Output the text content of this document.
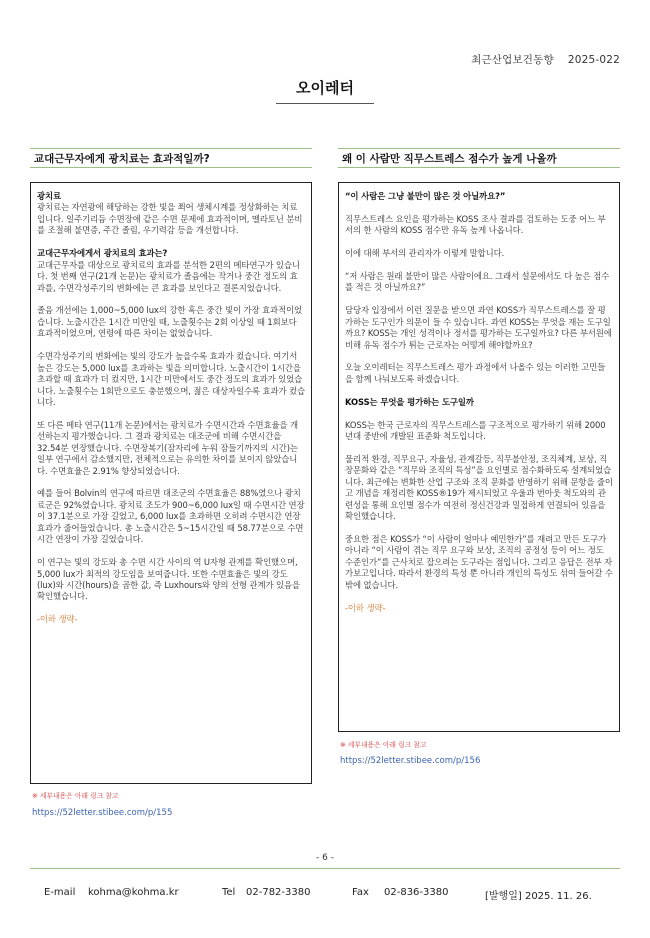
최근산업보건동향 2025-022
오이레터
교대근무자에게 광치료는 효과적일까?

광치료
광치료는 자연광에 해당하는 강한 빛을 쬐어 생체시계를 정상화하는 치료입니다. 일주기리듬 수면장애 같은 수면 문제에 효과적이며, 멜라토닌 분비를 조절해 불면증, 주간 졸림, 우기력감 등을 개선합니다.

교대근무자에게서 광치료의 효과는?
교대근무자를 대상으로 광치료의 효과를 분석한 2편의 메타연구가 있습니다. 첫 번째 연구(21개 논문)는 광치료가 졸음에는 작거나 중간 정도의 효과를, 수면각성주기의 변화에는 큰 효과를 보인다고 결론지었습니다.

졸음 개선에는 1,000~5,000 lux의 강한 혹은 중간 빛이 가장 효과적이었습니다. 노출시간은 1시간 미만일 때, 노출횟수는 2회 이상일 때 1회보다 효과적이었으며, 연령에 따른 차이는 없었습니다.

수면각성주기의 변화에는 빛의 강도가 높을수록 효과가 컸습니다. 여기서 높은 강도는 5,000 lux를 초과하는 빛을 의미합니다. 노출시간이 1시간을 초과할 때 효과가 더 컸지만, 1시간 미만에서도 중간 정도의 효과가 있었습니다. 노출횟수는 1회만으로도 충분했으며, 젊은 대상자일수록 효과가 컸습니다.

또 다른 메타 연구(11개 논문)에서는 광치료가 수면시간과 수면효율을 개선하는지 평가했습니다. 그 결과 광치료는 대조군에 비해 수면시간을 32.54분 연장했습니다. 수면장복기(잠자리에 누워 잠들기까지의 시간)는 일부 연구에서 감소했지만, 전체적으로는 유의한 차이를 보이지 않았습니다. 수면효율은 2.91% 향상되었습니다.

예를 들어 Bolvin의 연구에 따르면 대조군의 수면효율은 88%였으나 광치료군은 92%였습니다. 광치료 조도가 900~6,000 lux일 때 수면시간 연장이 37.1분으로 가장 길었고, 6,000 lux를 초과하면 오히려 수면시간 연장 효과가 줄어들었습니다. 총 노출시간은 5~15시간일 때 58.77분으로 수면시간 연장이 가장 길었습니다.

이 연구는 빛의 강도와 총 수면 시간 사이의 역 U자형 관계를 확인했으며, 5,000 lux가 최적의 강도임을 보여줍니다. 또한 수면효율은 빛의 강도(lux)와 시간(hours)을 곱한 값, 즉 Luxhours와 양의 선형 관계가 있음을 확인했습니다.

-이하 생략-
※ 세부내용은 아래 링크 참고
https://52letter.stibee.com/p/155
왜 이 사람만 직무스트레스 점수가 높게 나올까

“이 사람은 그냥 불만이 많은 것 아닐까요?”

직무스트레스 요인을 평가하는 KOSS 조사 결과를 검토하는 도중 어느 부서의 한 사람의 KOSS 점수만 유독 높게 나옵니다.

이에 대해 부서의 관리자가 이렇게 말합니다.

“저 사람은 원래 불만이 많은 사람이에요. 그래서 설문에서도 다 높은 점수를 적은 것 아닐까요?”

담당자 입장에서 이런 질문을 받으면 과연 KOSS가 직무스트레스를 잘 평가하는 도구인가 의문이 들 수 있습니다. 과연 KOSS는 무엇을 재는 도구일까요? KOSS는 개인 성격이나 정서를 평가하는 도구일까요? 다른 부서원에 비해 유독 점수가 튀는 근로자는 어떻게 해야할까요?

오늘 오이레터는 직무스트레스 평가 과정에서 나올수 있는 이러한 고민들을 함께 나눠보도록 하겠습니다.

KOSS는 무엇을 평가하는 도구일까

KOSS는 한국 근로자의 직무스트레스를 구조적으로 평가하기 위해 2000년대 중반에 개발된 표준화 척도입니다.

물리적 환경, 직무요구, 자율성, 관계갈등, 직무불안정, 조직체계, 보상, 직장문화와 같은 “직무와 조직의 특성”을 요인별로 점수화하도록 설계되었습니다. 최근에는 변화한 산업 구조와 조직 문화를 반영하기 위해 문항을 줄이고 개념을 재정리한 KOSS®19가 제시되었고 우울과 번아웃 척도와의 관련성을 통해 요인별 점수가 여전히 정신건강과 밀접하게 연결되어 있음을 확인했습니다.

중요한 점은 KOSS가 “이 사람이 얼마나 예민한가”를 재려고 만든 도구가 아니라 “이 사람이 겪는 직무 요구와 보상, 조직의 공정성 등이 어느 정도 수준인가”를 근사치로 잡으려는 도구라는 점입니다. 그리고 응답은 전부 자가보고입니다. 따라서 환경의 특성 뿐 아니라 개인의 특성도 섞여 들어갈 수밖에 없습니다.

-이하 생략-
※ 세부내용은 아래 링크 참고
https://52letter.stibee.com/p/156
- 6 -
E-mail kohma@kohma.kr	Tel 02-782-3380	Fax 02-836-3380	[발행일] 2025. 11. 26.
